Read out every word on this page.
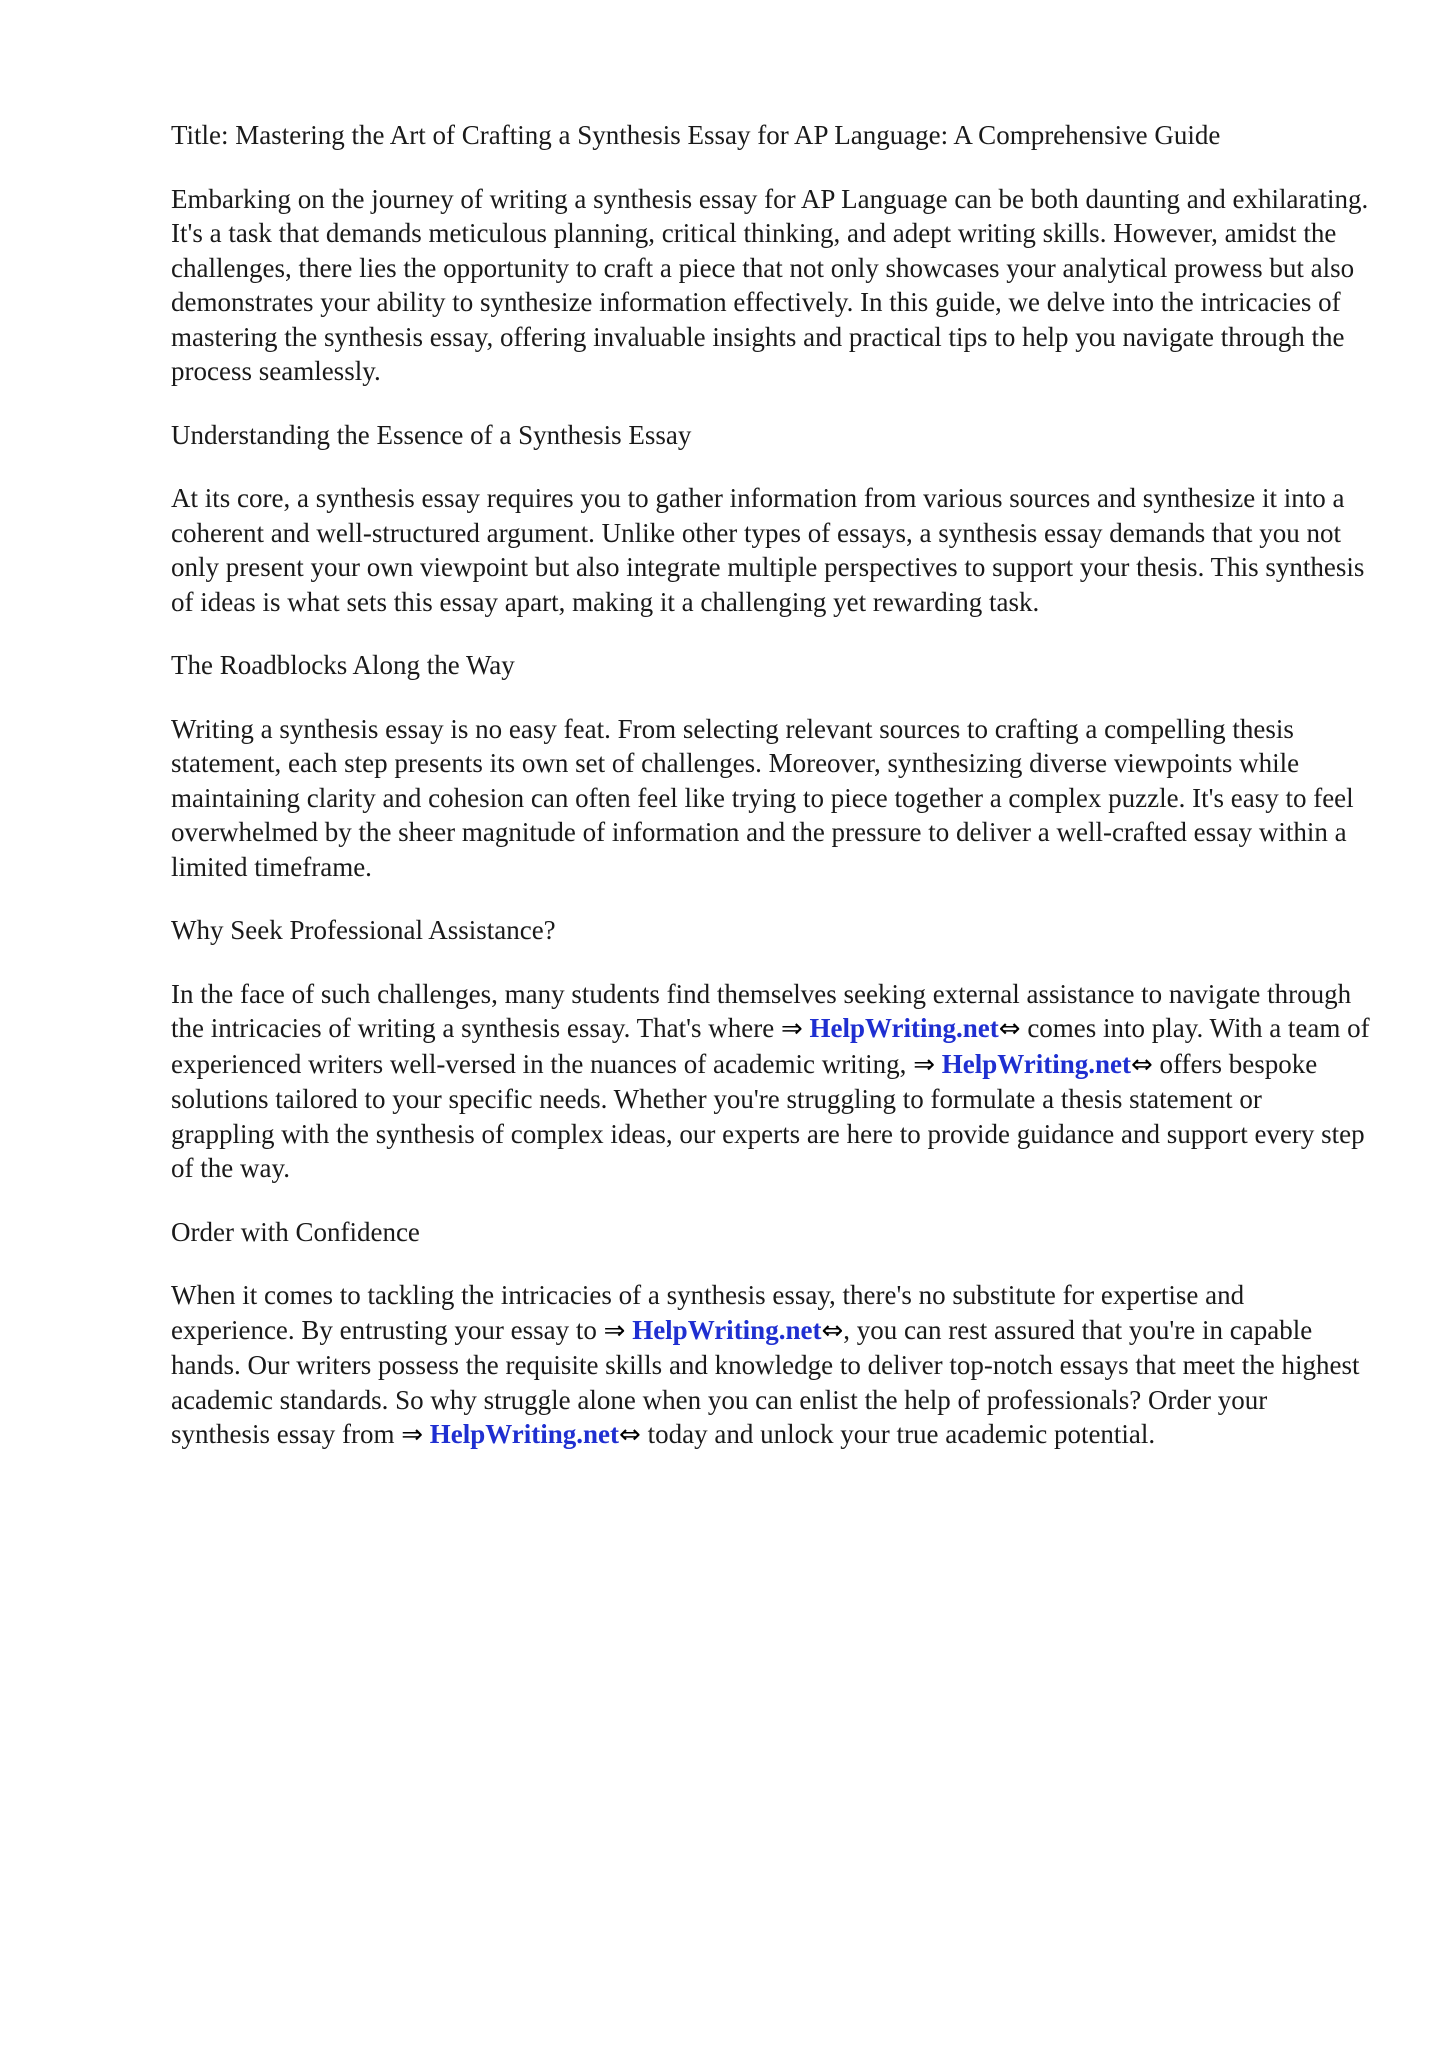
Title: Mastering the Art of Crafting a Synthesis Essay for AP Language: A Comprehensive Guide

Embarking on the journey of writing a synthesis essay for AP Language can be both daunting and exhilarating. It's a task that demands meticulous planning, critical thinking, and adept writing skills. However, amidst the challenges, there lies the opportunity to craft a piece that not only showcases your analytical prowess but also demonstrates your ability to synthesize information effectively. In this guide, we delve into the intricacies of mastering the synthesis essay, offering invaluable insights and practical tips to help you navigate through the process seamlessly.

Understanding the Essence of a Synthesis Essay

At its core, a synthesis essay requires you to gather information from various sources and synthesize it into a coherent and well-structured argument. Unlike other types of essays, a synthesis essay demands that you not only present your own viewpoint but also integrate multiple perspectives to support your thesis. This synthesis of ideas is what sets this essay apart, making it a challenging yet rewarding task.

The Roadblocks Along the Way

Writing a synthesis essay is no easy feat. From selecting relevant sources to crafting a compelling thesis statement, each step presents its own set of challenges. Moreover, synthesizing diverse viewpoints while maintaining clarity and cohesion can often feel like trying to piece together a complex puzzle. It's easy to feel overwhelmed by the sheer magnitude of information and the pressure to deliver a well-crafted essay within a limited timeframe.

Why Seek Professional Assistance?

In the face of such challenges, many students find themselves seeking external assistance to navigate through the intricacies of writing a synthesis essay. That's where ⇒ HelpWriting.net⇔ comes into play. With a team of experienced writers well-versed in the nuances of academic writing, ⇒ HelpWriting.net⇔ offers bespoke solutions tailored to your specific needs. Whether you're struggling to formulate a thesis statement or grappling with the synthesis of complex ideas, our experts are here to provide guidance and support every step of the way.

Order with Confidence

When it comes to tackling the intricacies of a synthesis essay, there's no substitute for expertise and experience. By entrusting your essay to ⇒ HelpWriting.net⇔, you can rest assured that you're in capable hands. Our writers possess the requisite skills and knowledge to deliver top-notch essays that meet the highest academic standards. So why struggle alone when you can enlist the help of professionals? Order your synthesis essay from ⇒ HelpWriting.net⇔ today and unlock your true academic potential.
